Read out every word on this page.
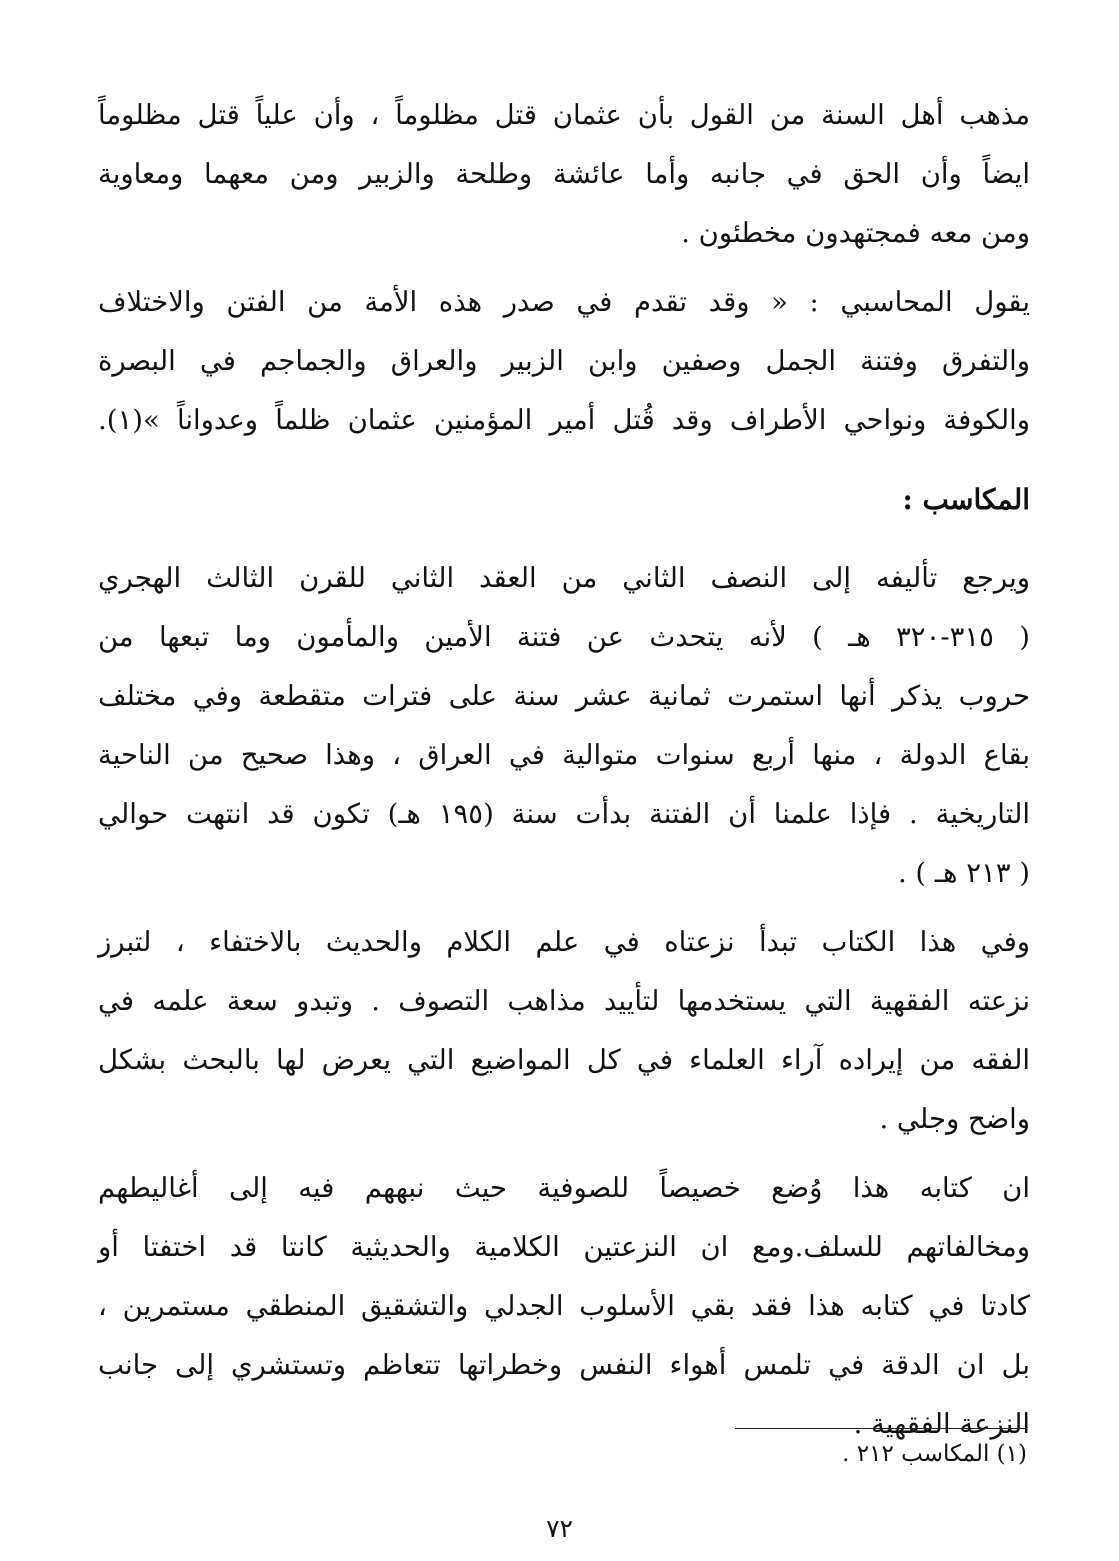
مذهب أهل السنة من القول بأن عثمان قتل مظلوماً ، وأن علياً قتل مظلوماً
ايضاً وأن الحق في جانبه وأما عائشة وطلحة والزبير ومن معهما ومعاوية
ومن معه فمجتهدون مخطئون .
يقول المحاسبي : « وقد تقدم في صدر هذه الأمة من الفتن والاختلاف
والتفرق وفتنة الجمل وصفين وابن الزبير والعراق والجماجم في البصرة
والكوفة ونواحي الأطراف وقد قُتل أمير المؤمنين عثمان ظلماً وعدواناً »(١).
المكاسب :
ويرجع تأليفه إلى النصف الثاني من العقد الثاني للقرن الثالث الهجري
( ٣١٥-٣٢٠ هـ ) لأنه يتحدث عن فتنة الأمين والمأمون وما تبعها من
حروب يذكر أنها استمرت ثمانية عشر سنة على فترات متقطعة وفي مختلف
بقاع الدولة ، منها أربع سنوات متوالية في العراق ، وهذا صحيح من الناحية
التاريخية . فإذا علمنا أن الفتنة بدأت سنة (١٩٥ هـ) تكون قد انتهت حوالي
( ٢١٣ هـ ) .
وفي هذا الكتاب تبدأ نزعتاه في علم الكلام والحديث بالاختفاء ، لتبرز
نزعته الفقهية التي يستخدمها لتأييد مذاهب التصوف . وتبدو سعة علمه في
الفقه من إيراده آراء العلماء في كل المواضيع التي يعرض لها بالبحث بشكل
واضح وجلي .
ان كتابه هذا وُضع خصيصاً للصوفية حيث نبههم فيه إلى أغاليطهم
ومخالفاتهم للسلف.ومع ان النزعتين الكلامية والحديثية كانتا قد اختفتا أو
كادتا في كتابه هذا فقد بقي الأسلوب الجدلي والتشقيق المنطقي مستمرين ،
بل ان الدقة في تلمس أهواء النفس وخطراتها تتعاظم وتستشري إلى جانب
النزعة الفقهية .
(١) المكاسب ٢١٢ .
٧٢
